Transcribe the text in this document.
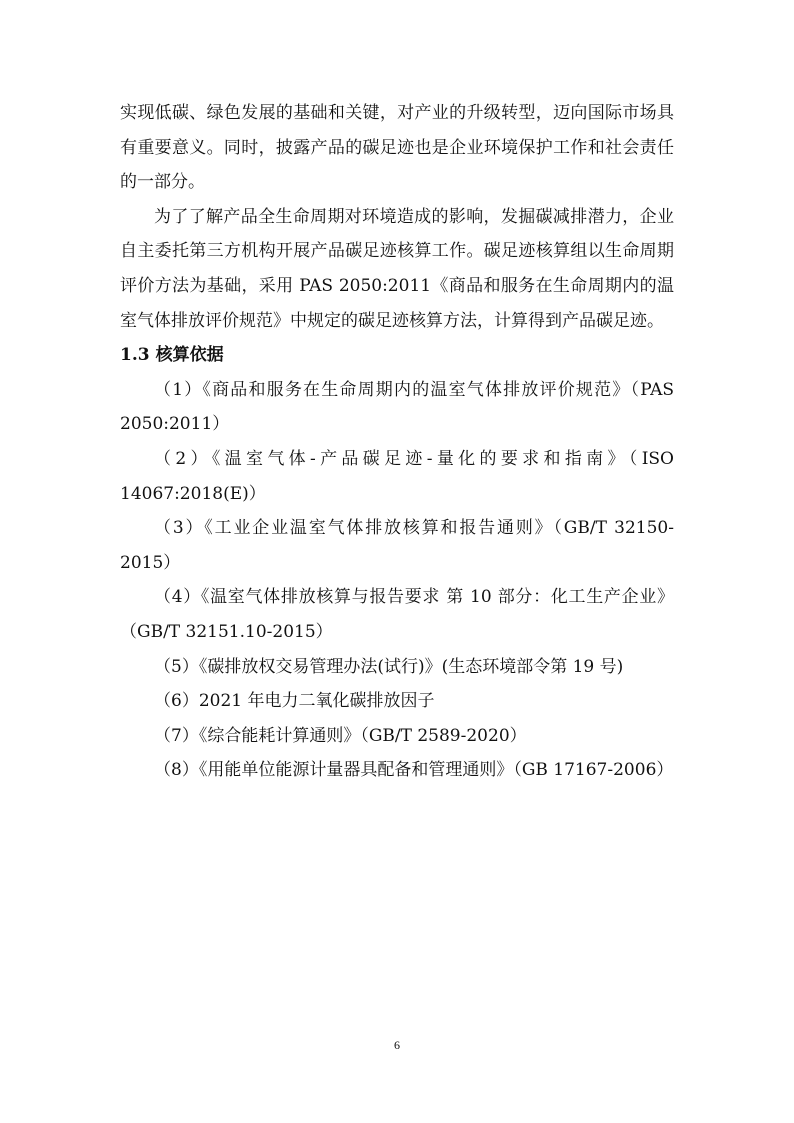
实现低碳、绿色发展的基础和关键，对产业的升级转型，迈向国际市场具有重要意义。同时，披露产品的碳足迹也是企业环境保护工作和社会责任的一部分。

为了了解产品全生命周期对环境造成的影响，发掘碳减排潜力，企业自主委托第三方机构开展产品碳足迹核算工作。碳足迹核算组以生命周期评价方法为基础，采用 PAS 2050:2011《商品和服务在生命周期内的温室气体排放评价规范》中规定的碳足迹核算方法，计算得到产品碳足迹。

1.3 核算依据

（1）《商品和服务在生命周期内的温室气体排放评价规范》（PAS 2050:2011）

（2）《温室气体-产品碳足迹-量化的要求和指南》（ISO 14067:2018(E)）

（3）《工业企业温室气体排放核算和报告通则》（GB/T 32150-2015）

（4）《温室气体排放核算与报告要求 第 10 部分：化工生产企业》（GB/T 32151.10-2015）

（5）《碳排放权交易管理办法(试行)》(生态环境部令第 19 号)

（6）2021 年电力二氧化碳排放因子

（7）《综合能耗计算通则》（GB/T 2589-2020）

（8）《用能单位能源计量器具配备和管理通则》（GB 17167-2006）

6
